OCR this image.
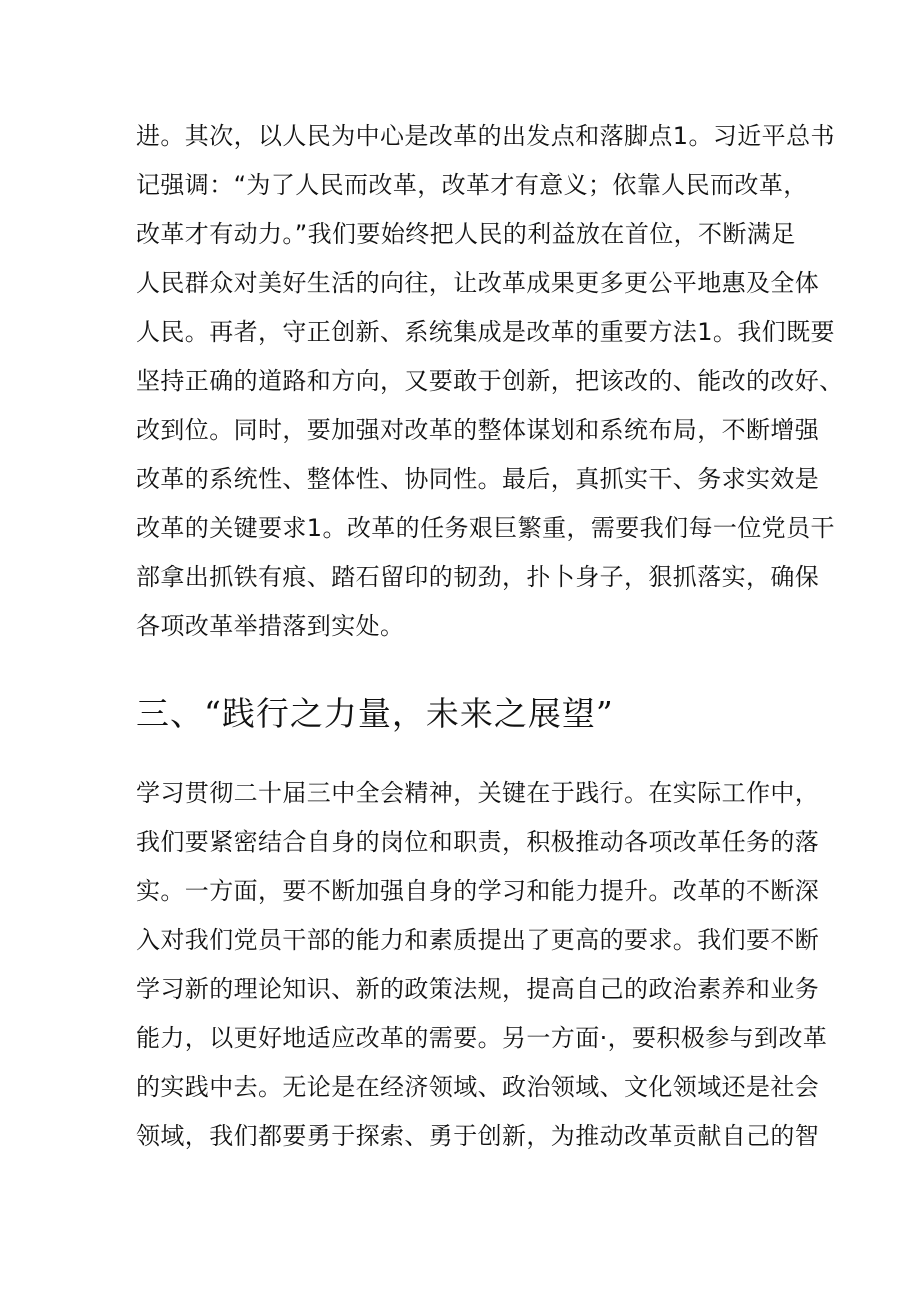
进。其次，以人民为中心是改革的出发点和落脚点1。习近平总书
记强调：“为了人民而改革，改革才有意义；依靠人民而改革，
改革才有动力。”我们要始终把人民的利益放在首位，不断满足
人民群众对美好生活的向往，让改革成果更多更公平地惠及全体
人民。再者，守正创新、系统集成是改革的重要方法1。我们既要
坚持正确的道路和方向，又要敢于创新，把该改的、能改的改好、
改到位。同时，要加强对改革的整体谋划和系统布局，不断增强
改革的系统性、整体性、协同性。最后，真抓实干、务求实效是
改革的关键要求1。改革的任务艰巨繁重，需要我们每一位党员干
部拿出抓铁有痕、踏石留印的韧劲，扑卜身子，狠抓落实，确保
各项改革举措落到实处。
三、“践行之力量，未来之展望”
学习贯彻二十届三中全会精神，关键在于践行。在实际工作中，
我们要紧密结合自身的岗位和职责，积极推动各项改革任务的落
实。一方面，要不断加强自身的学习和能力提升。改革的不断深
入对我们党员干部的能力和素质提出了更高的要求。我们要不断
学习新的理论知识、新的政策法规，提高自己的政治素养和业务
能力，以更好地适应改革的需要。另一方面·，要积极参与到改革
的实践中去。无论是在经济领域、政治领域、文化领域还是社会
领域，我们都要勇于探索、勇于创新，为推动改革贡献自己的智
